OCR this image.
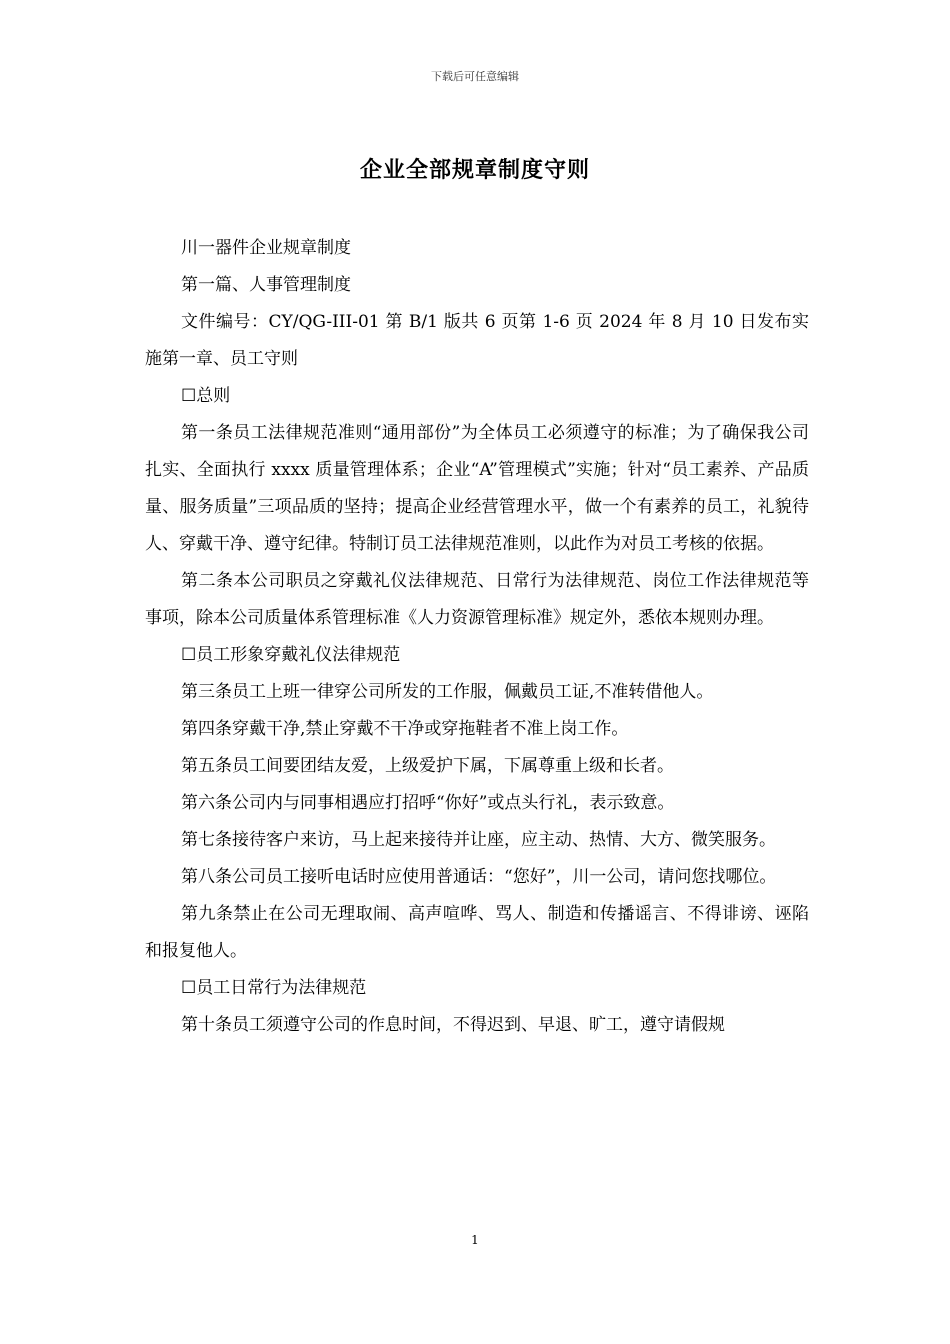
下载后可任意编辑
企业全部规章制度守则

川一器件企业规章制度

第一篇、人事管理制度

文件编号：CY/QG-III-01 第 B/1 版共 6 页第 1-6 页 2024 年 8 月 10 日发布实施第一章、员工守则

☐总则

第一条员工法律规范准则“通用部份”为全体员工必须遵守的标准；为了确保我公司扎实、全面执行 xxxx 质量管理体系；企业“A”管理模式”实施；针对“员工素养、产品质量、服务质量”三项品质的坚持；提高企业经营管理水平，做一个有素养的员工，礼貌待人、穿戴干净、遵守纪律。特制订员工法律规范准则，以此作为对员工考核的依据。

第二条本公司职员之穿戴礼仪法律规范、日常行为法律规范、岗位工作法律规范等事项，除本公司质量体系管理标准《人力资源管理标准》规定外，悉依本规则办理。

☐员工形象穿戴礼仪法律规范

第三条员工上班一律穿公司所发的工作服，佩戴员工证,不准转借他人。

第四条穿戴干净,禁止穿戴不干净或穿拖鞋者不准上岗工作。

第五条员工间要团结友爱，上级爱护下属，下属尊重上级和长者。

第六条公司内与同事相遇应打招呼“你好”或点头行礼，表示致意。

第七条接待客户来访，马上起来接待并让座，应主动、热情、大方、微笑服务。

第八条公司员工接听电话时应使用普通话：“您好”，川一公司，请问您找哪位。

第九条禁止在公司无理取闹、高声喧哗、骂人、制造和传播谣言、不得诽谤、诬陷和报复他人。

☐员工日常行为法律规范

第十条员工须遵守公司的作息时间，不得迟到、早退、旷工，遵守请假规

1
